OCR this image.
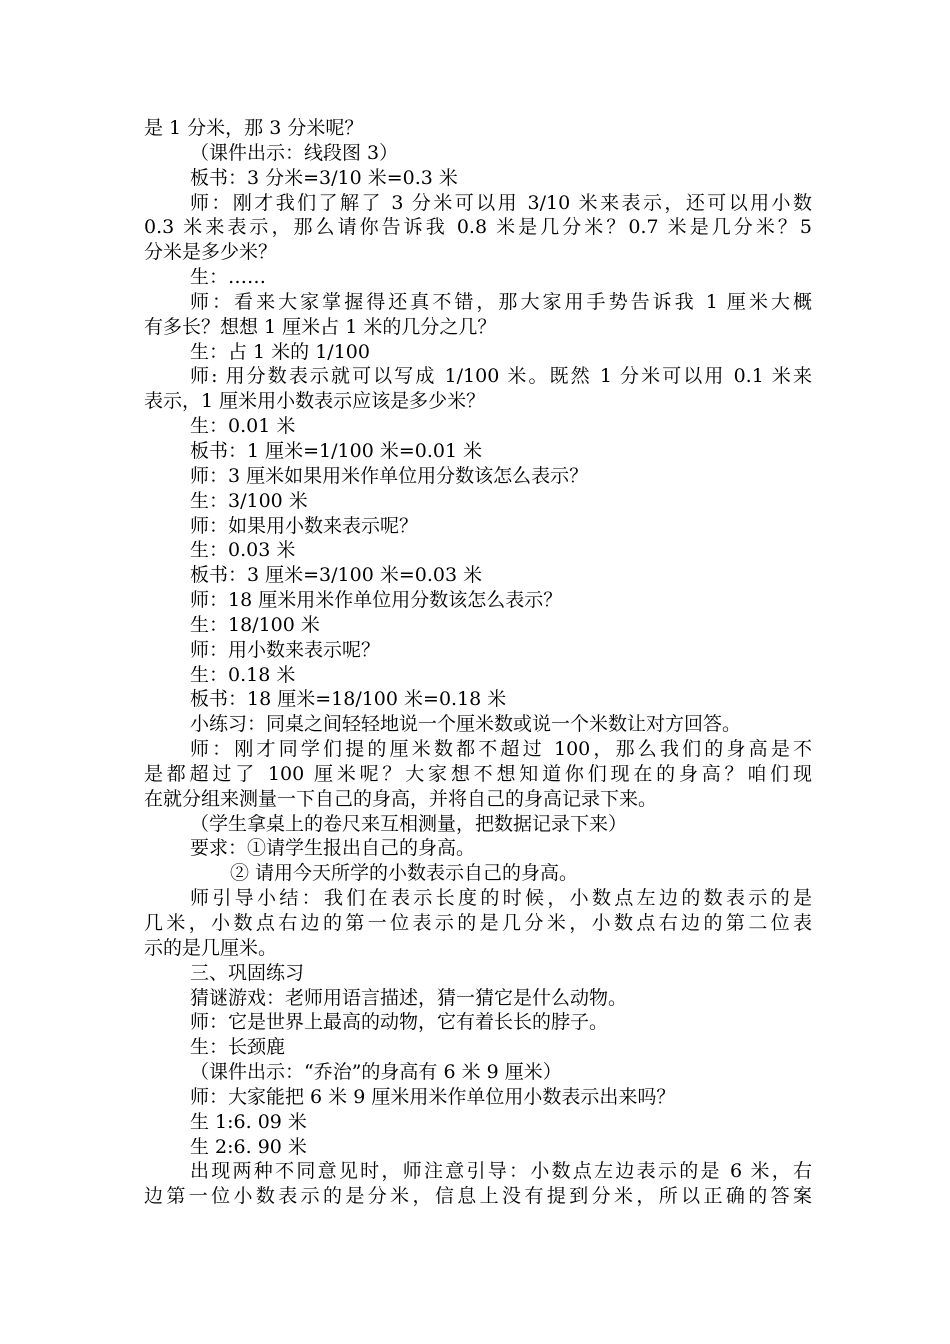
是 1 分米，那 3 分米呢？
（课件出示：线段图 3）
板书：3 分米=3/10 米=0.3 米
师：刚才我们了解了 3 分米可以用 3/10 米来表示，还可以用小数
0.3 米来表示，那么请你告诉我 0.8 米是几分米？0.7 米是几分米？5
分米是多少米？
生：……
师：看来大家掌握得还真不错，那大家用手势告诉我 1 厘米大概
有多长？想想 1 厘米占 1 米的几分之几？
生：占 1 米的 1/100
师: 用分数表示就可以写成 1/100 米。既然 1 分米可以用 0.1 米来
表示，1 厘米用小数表示应该是多少米？
生：0.01 米
板书：1 厘米=1/100 米=0.01 米
师：3 厘米如果用米作单位用分数该怎么表示？
生：3/100 米
师：如果用小数来表示呢？
生：0.03 米
板书：3 厘米=3/100 米=0.03 米
师：18 厘米用米作单位用分数该怎么表示？
生：18/100 米
师：用小数来表示呢？
生：0.18 米
板书：18 厘米=18/100 米=0.18 米
小练习：同桌之间轻轻地说一个厘米数或说一个米数让对方回答。
师：刚才同学们提的厘米数都不超过 100，那么我们的身高是不
是都超过了 100 厘米呢？大家想不想知道你们现在的身高？咱们现
在就分组来测量一下自己的身高，并将自己的身高记录下来。
（学生拿桌上的卷尺来互相测量，把数据记录下来）
要求：①请学生报出自己的身高。
② 请用今天所学的小数表示自己的身高。
师引导小结：我们在表示长度的时候，小数点左边的数表示的是
几米，小数点右边的第一位表示的是几分米，小数点右边的第二位表
示的是几厘米。
三、巩固练习
猜谜游戏：老师用语言描述，猜一猜它是什么动物。
师：它是世界上最高的动物，它有着长长的脖子。
生：长颈鹿
（课件出示：“乔治”的身高有 6 米 9 厘米）
师：大家能把 6 米 9 厘米用米作单位用小数表示出来吗？
生 1:6. 09 米
生 2:6. 90 米
出现两种不同意见时，师注意引导：小数点左边表示的是 6 米，右
边第一位小数表示的是分米，信息上没有提到分米，所以正确的答案
